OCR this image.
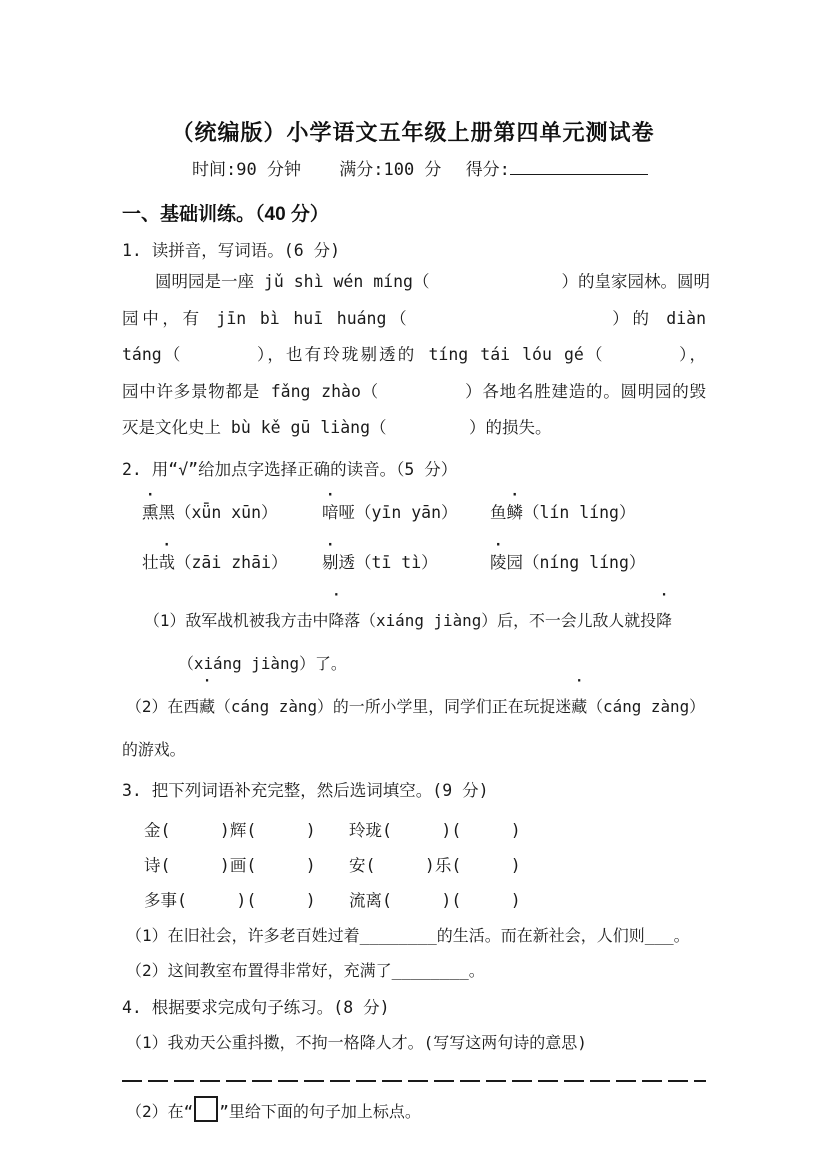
（统编版）小学语文五年级上册第四单元测试卷
时间:90 分钟 满分:100 分 得分:
一、基础训练。（40 分）
1. 读拼音，写词语。(6 分)
　　圆明园是一座 jǔ shì wén míng（　　　　　　　　）的皇家园林。圆明
园中，有 jīn bì huī huáng（　　　　　　　　　　）的 diàn
táng（　　　　），也有玲珑剔透的 tíng tái lóu gé（　　　　），
园中许多景物都是 fǎng zhào（　　　　　）各地名胜建造的。圆明园的毁
灭是文化史上 bù kě gū liàng（　　　　　）的损失。
2. 用“√”给加点字选择正确的读音。（5 分）
熏黑（xǖn xūn）	喑哑（yīn yān）	鱼鳞（lín líng）
壮哉（zāi zhāi）	剔透（tī tì）	陵园（níng líng）
（1）敌军战机被我方击中降落（xiáng jiàng）后，不一会儿敌人就投降
（xiáng jiàng）了。
（2）在西藏（cáng zàng）的一所小学里，同学们正在玩捉迷藏（cáng zàng）
的游戏。
3. 把下列词语补充完整，然后选词填空。(9 分)
金(　　　)辉(　　　)	玲珑(　　　)(　　　)
诗(　　　)画(　　　)	安(　　　)乐(　　　)
多事(　　　)(　　　)	流离(　　　)(　　　)
（1）在旧社会，许多老百姓过着________的生活。而在新社会，人们则___。
（2）这间教室布置得非常好，充满了________。
4. 根据要求完成句子练习。(8 分)
（1）我劝天公重抖擞，不拘一格降人才。(写写这两句诗的意思)
（2）在“ ”里给下面的句子加上标点。
